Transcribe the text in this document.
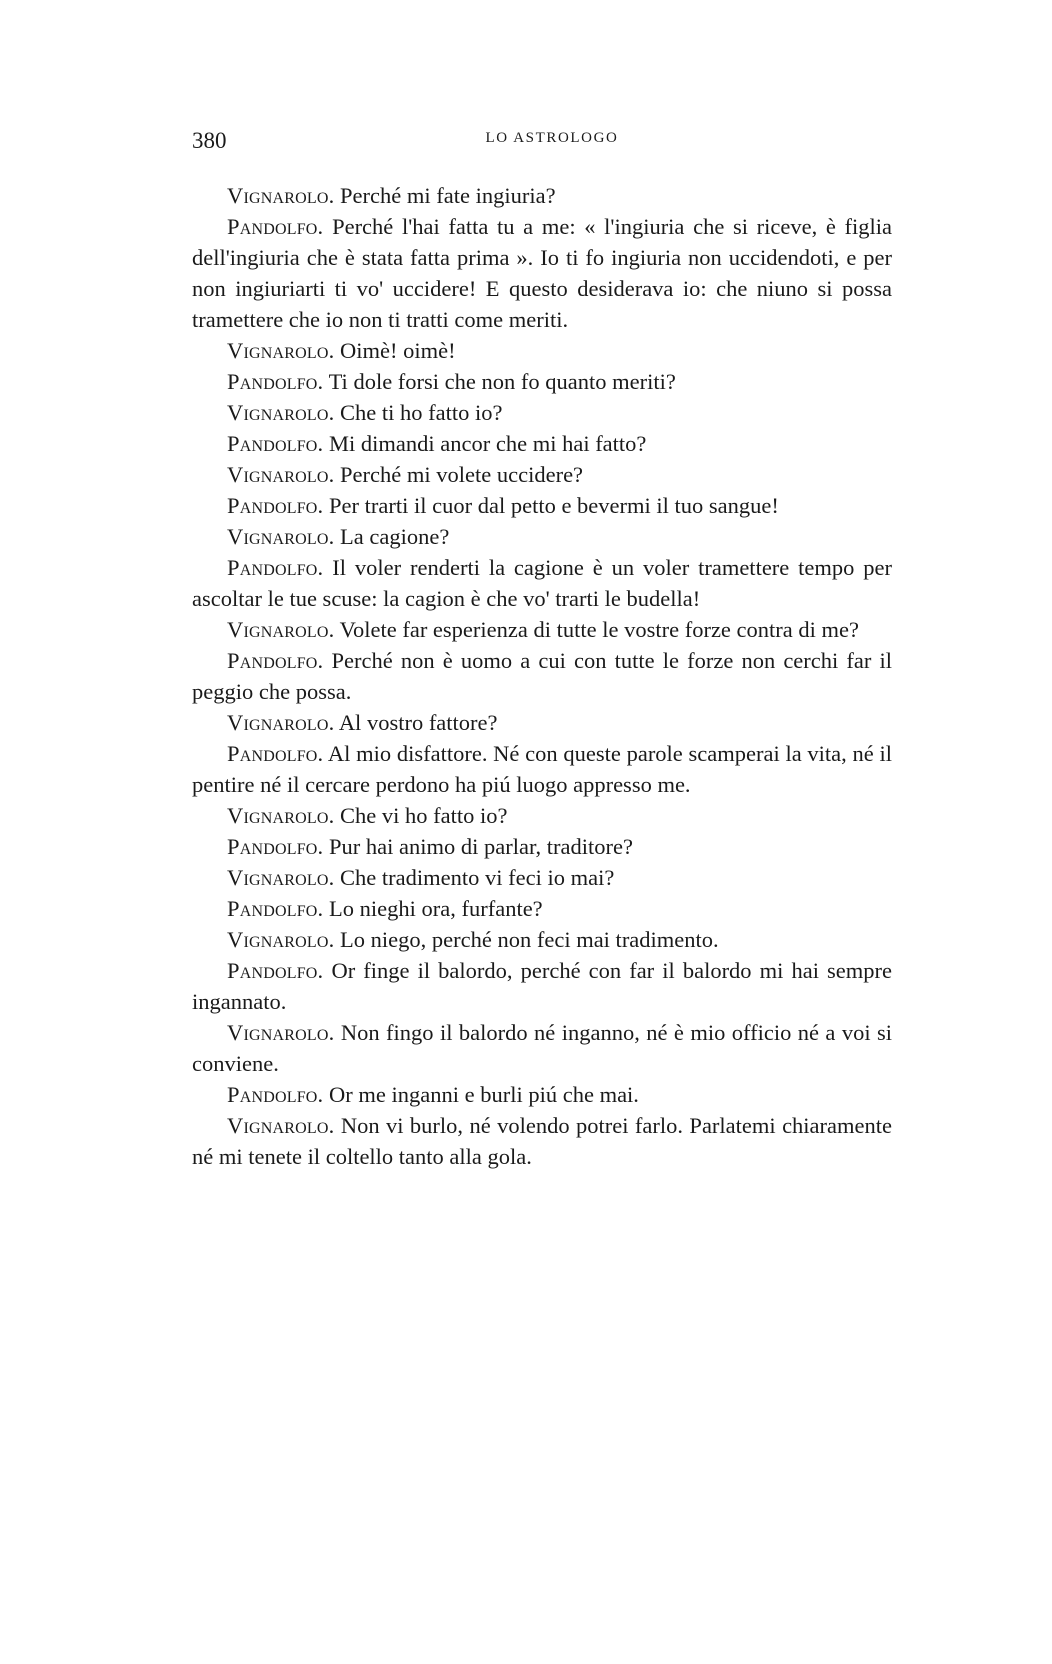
380	LO ASTROLOGO

Vignarolo. Perché mi fate ingiuria?

Pandolfo. Perché l'hai fatta tu a me: « l'ingiuria che si riceve, è figlia dell'ingiuria che è stata fatta prima ». Io ti fo ingiuria non uccidendoti, e per non ingiuriarti ti vo' uccidere! E questo desiderava io: che niuno si possa tramettere che io non ti tratti come meriti.

Vignarolo. Oimè! oimè!

Pandolfo. Ti dole forsi che non fo quanto meriti?

Vignarolo. Che ti ho fatto io?

Pandolfo. Mi dimandi ancor che mi hai fatto?

Vignarolo. Perché mi volete uccidere?

Pandolfo. Per trarti il cuor dal petto e bevermi il tuo sangue!

Vignarolo. La cagione?

Pandolfo. Il voler renderti la cagione è un voler tramettere tempo per ascoltar le tue scuse: la cagion è che vo' trarti le budella!

Vignarolo. Volete far esperienza di tutte le vostre forze contra di me?

Pandolfo. Perché non è uomo a cui con tutte le forze non cerchi far il peggio che possa.

Vignarolo. Al vostro fattore?

Pandolfo. Al mio disfattore. Né con queste parole scamperai la vita, né il pentire né il cercare perdono ha piú luogo appresso me.

Vignarolo. Che vi ho fatto io?

Pandolfo. Pur hai animo di parlar, traditore?

Vignarolo. Che tradimento vi feci io mai?

Pandolfo. Lo nieghi ora, furfante?

Vignarolo. Lo niego, perché non feci mai tradimento.

Pandolfo. Or finge il balordo, perché con far il balordo mi hai sempre ingannato.

Vignarolo. Non fingo il balordo né inganno, né è mio officio né a voi si conviene.

Pandolfo. Or me inganni e burli piú che mai.

Vignarolo. Non vi burlo, né volendo potrei farlo. Parlatemi chiaramente né mi tenete il coltello tanto alla gola.
